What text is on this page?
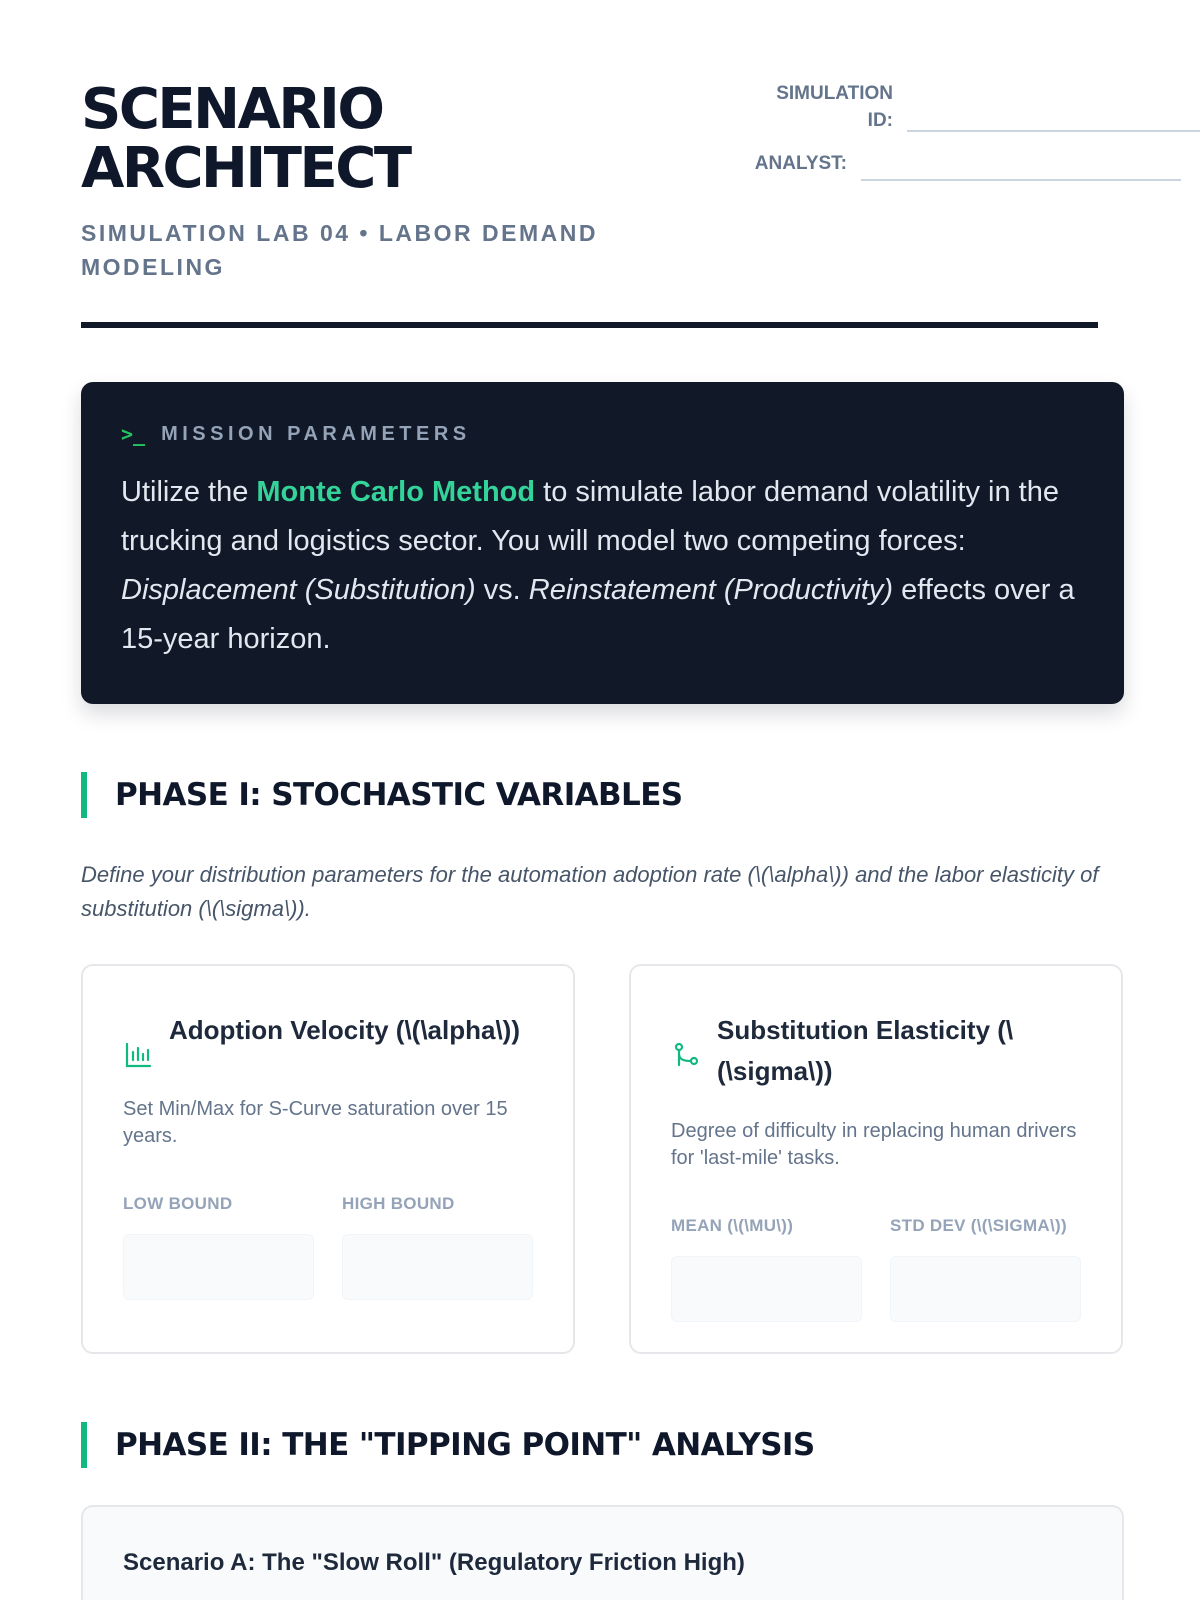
SCENARIO
ARCHITECT
SIMULATION LAB 04 • LABOR DEMAND MODELING
SIMULATION
ID:
ANALYST:
>_ MISSION PARAMETERS

Utilize the Monte Carlo Method to simulate labor demand volatility in the trucking and logistics sector. You will model two competing forces: Displacement (Substitution) vs. Reinstatement (Productivity) effects over a 15-year horizon.

PHASE I: STOCHASTIC VARIABLES

Define your distribution parameters for the automation adoption rate (\(\alpha\)) and the labor elasticity of substitution (\(\sigma\)).

Adoption Velocity (\(\alpha\))

Set Min/Max for S-Curve saturation over 15 years.

LOW BOUND	HIGH BOUND
Substitution Elasticity (\(\sigma\))

Degree of difficulty in replacing human drivers for 'last-mile' tasks.

MEAN (\(\MU\))	STD DEV (\(\SIGMA\))
PHASE II: THE "TIPPING POINT" ANALYSIS
Scenario A: The "Slow Roll" (Regulatory Friction High)
